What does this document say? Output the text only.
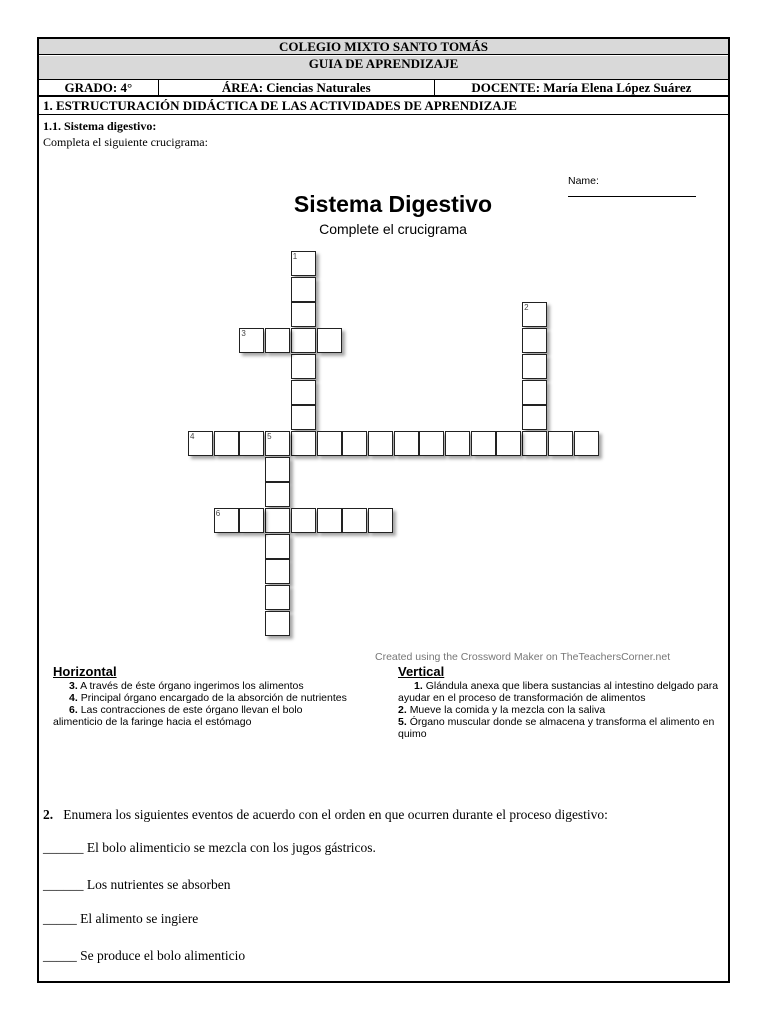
COLEGIO MIXTO SANTO TOMÁS
GUIA DE APRENDIZAJE
GRADO: 4°	ÁREA: Ciencias Naturales	DOCENTE: María Elena López Suárez
1. ESTRUCTURACIÓN DIDÁCTICA DE LAS ACTIVIDADES DE APRENDIZAJE
1.1. Sistema digestivo:
Completa el siguiente crucigrama:
Name:
Sistema Digestivo
Complete el crucigrama
1
2
3
4	5
6
Created using the Crossword Maker on TheTeachersCorner.net
Horizontal

3. A través de éste órgano ingerimos los alimentos

4. Principal órgano encargado de la absorción de nutrientes

6. Las contracciones de este órgano llevan el bolo alimenticio de la faringe hacia el estómago

Vertical

1. Glándula anexa que libera sustancias al intestino delgado para ayudar en el proceso de transformación de alimentos

2. Mueve la comida y la mezcla con la saliva

5. Órgano muscular donde se almacena y transforma el alimento en quimo

2. Enumera los siguientes eventos de acuerdo con el orden en que ocurren durante el proceso digestivo:
______ El bolo alimenticio se mezcla con los jugos gástricos.
______ Los nutrientes se absorben
_____ El alimento se ingiere
_____ Se produce el bolo alimenticio
